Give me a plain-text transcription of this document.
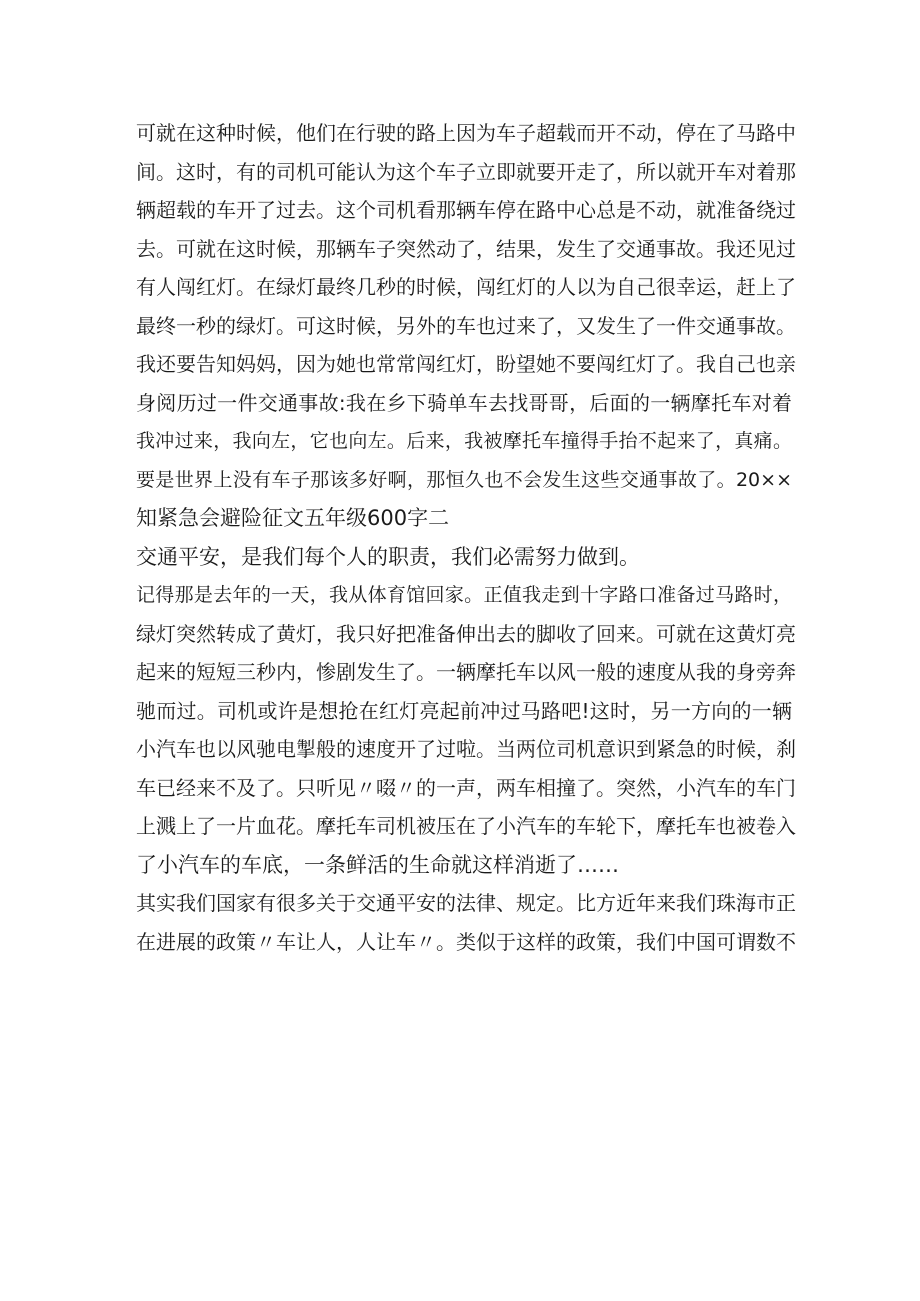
可就在这种时候，他们在行驶的路上因为车子超载而开不动，停在了马路中
间。这时，有的司机可能认为这个车子立即就要开走了，所以就开车对着那
辆超载的车开了过去。这个司机看那辆车停在路中心总是不动，就准备绕过
去。可就在这时候，那辆车子突然动了，结果，发生了交通事故。我还见过
有人闯红灯。在绿灯最终几秒的时候，闯红灯的人以为自己很幸运，赶上了
最终一秒的绿灯。可这时候，另外的车也过来了，又发生了一件交通事故。
我还要告知妈妈，因为她也常常闯红灯，盼望她不要闯红灯了。我自己也亲
身阅历过一件交通事故:我在乡下骑单车去找哥哥，后面的一辆摩托车对着
我冲过来，我向左，它也向左。后来，我被摩托车撞得手抬不起来了，真痛。
要是世界上没有车子那该多好啊，那恒久也不会发生这些交通事故了。20××
知紧急会避险征文五年级600字二
交通平安，是我们每个人的职责，我们必需努力做到。
记得那是去年的一天，我从体育馆回家。正值我走到十字路口准备过马路时，
绿灯突然转成了黄灯，我只好把准备伸出去的脚收了回来。可就在这黄灯亮
起来的短短三秒内，惨剧发生了。一辆摩托车以风一般的速度从我的身旁奔
驰而过。司机或许是想抢在红灯亮起前冲过马路吧!这时，另一方向的一辆
小汽车也以风驰电掣般的速度开了过啦。当两位司机意识到紧急的时候，刹
车已经来不及了。只听见〃啜〃的一声，两车相撞了。突然，小汽车的车门
上溅上了一片血花。摩托车司机被压在了小汽车的车轮下，摩托车也被卷入
了小汽车的车底，一条鲜活的生命就这样消逝了……
其实我们国家有很多关于交通平安的法律、规定。比方近年来我们珠海市正
在进展的政策〃车让人，人让车〃。类似于这样的政策，我们中国可谓数不
